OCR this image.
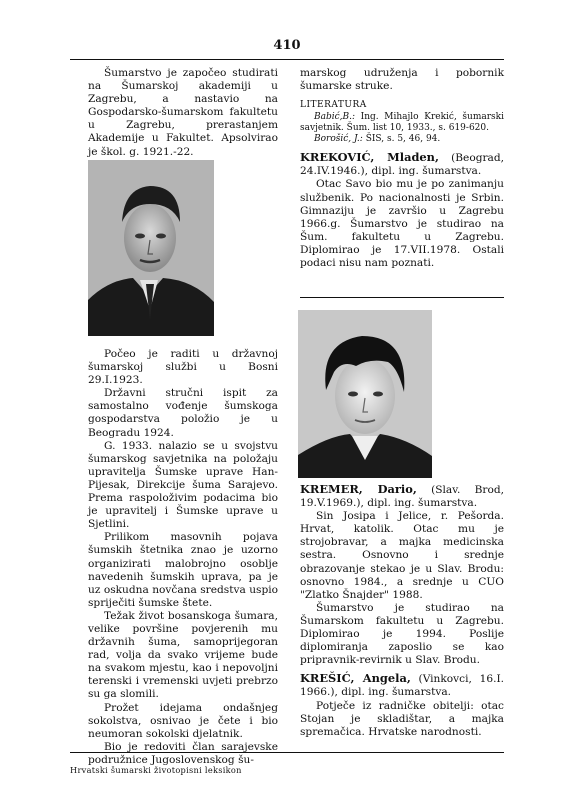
410

Šumarstvo je započeo studirati na Šumarskoj akademiji u Zagrebu, a nastavio na Gospodarsko-šumarskom fakultetu u Zagrebu, prerastanjem Akademije u Fakultet. Apsolvirao je škol. g. 1921.-22.

Počeo je raditi u državnoj šumarskoj službi u Bosni 29.I.1923.

Državni stručni ispit za samostalno vođenje šumskoga gospodarstva položio je u Beogradu 1924.

G. 1933. nalazio se u svojstvu šumarskog savjetnika na položaju upravitelja Šumske uprave Han-Pijesak, Direkcije šuma Sarajevo. Prema raspoloživim podacima bio je upravitelj i Šumske uprave u Sjetlini.

Prilikom masovnih pojava šumskih štetnika znao je uzorno organizirati malobrojno osoblje navedenih šumskih uprava, pa je uz oskudna novčana sredstva uspio spriječiti šumske štete.

Težak život bosanskoga šumara, velike površine povjerenih mu državnih šuma, samoprijegoran rad, volja da svako vrijeme bude na svakom mjestu, kao i nepovoljni terenski i vremenski uvjeti prebrzo su ga slomili.

Prožet idejama ondašnjeg sokolstva, osnivao je čete i bio neumoran sokolski djelatnik.

Bio je redoviti član sarajevske podružnice Jugoslovenskog šu-

marskog udruženja i pobornik šumarske struke.

LITERATURA

Babić,B.: Ing. Mihajlo Krekić, šumarski savjetnik. Šum. list 10, 1933., s. 619-620.

Borošić, J.: ŠIS, s. 5, 46, 94.

KREKOVIĆ, Mladen, (Beograd, 24.IV.1946.), dipl. ing. šumarstva.

Otac Savo bio mu je po zanimanju službenik. Po nacionalnosti je Srbin. Gimnaziju je završio u Zagrebu 1966.g. Šumarstvo je studirao na Šum. fakultetu u Zagrebu. Diplomirao je 17.VII.1978. Ostali podaci nisu nam poznati.

KREMER, Dario, (Slav. Brod, 19.V.1969.), dipl. ing. šumarstva.

Sin Josipa i Jelice, r. Pešorda. Hrvat, katolik. Otac mu je strojobravar, a majka medicinska sestra. Osnovno i srednje obrazovanje stekao je u Slav. Brodu: osnovno 1984., a srednje u CUO "Zlatko Šnajder" 1988.

Šumarstvo je studirao na Šumarskom fakultetu u Zagrebu. Diplomirao je 1994. Poslije diplomiranja zaposlio se kao pripravnik-revirnik u Slav. Brodu.

KREŠIĆ, Angela, (Vinkovci, 16.I. 1966.), dipl. ing. šumarstva.

Potječe iz radničke obitelji: otac Stojan je skladištar, a majka spremačica. Hrvatske narodnosti.

Hrvatski šumarski životopisni leksikon
